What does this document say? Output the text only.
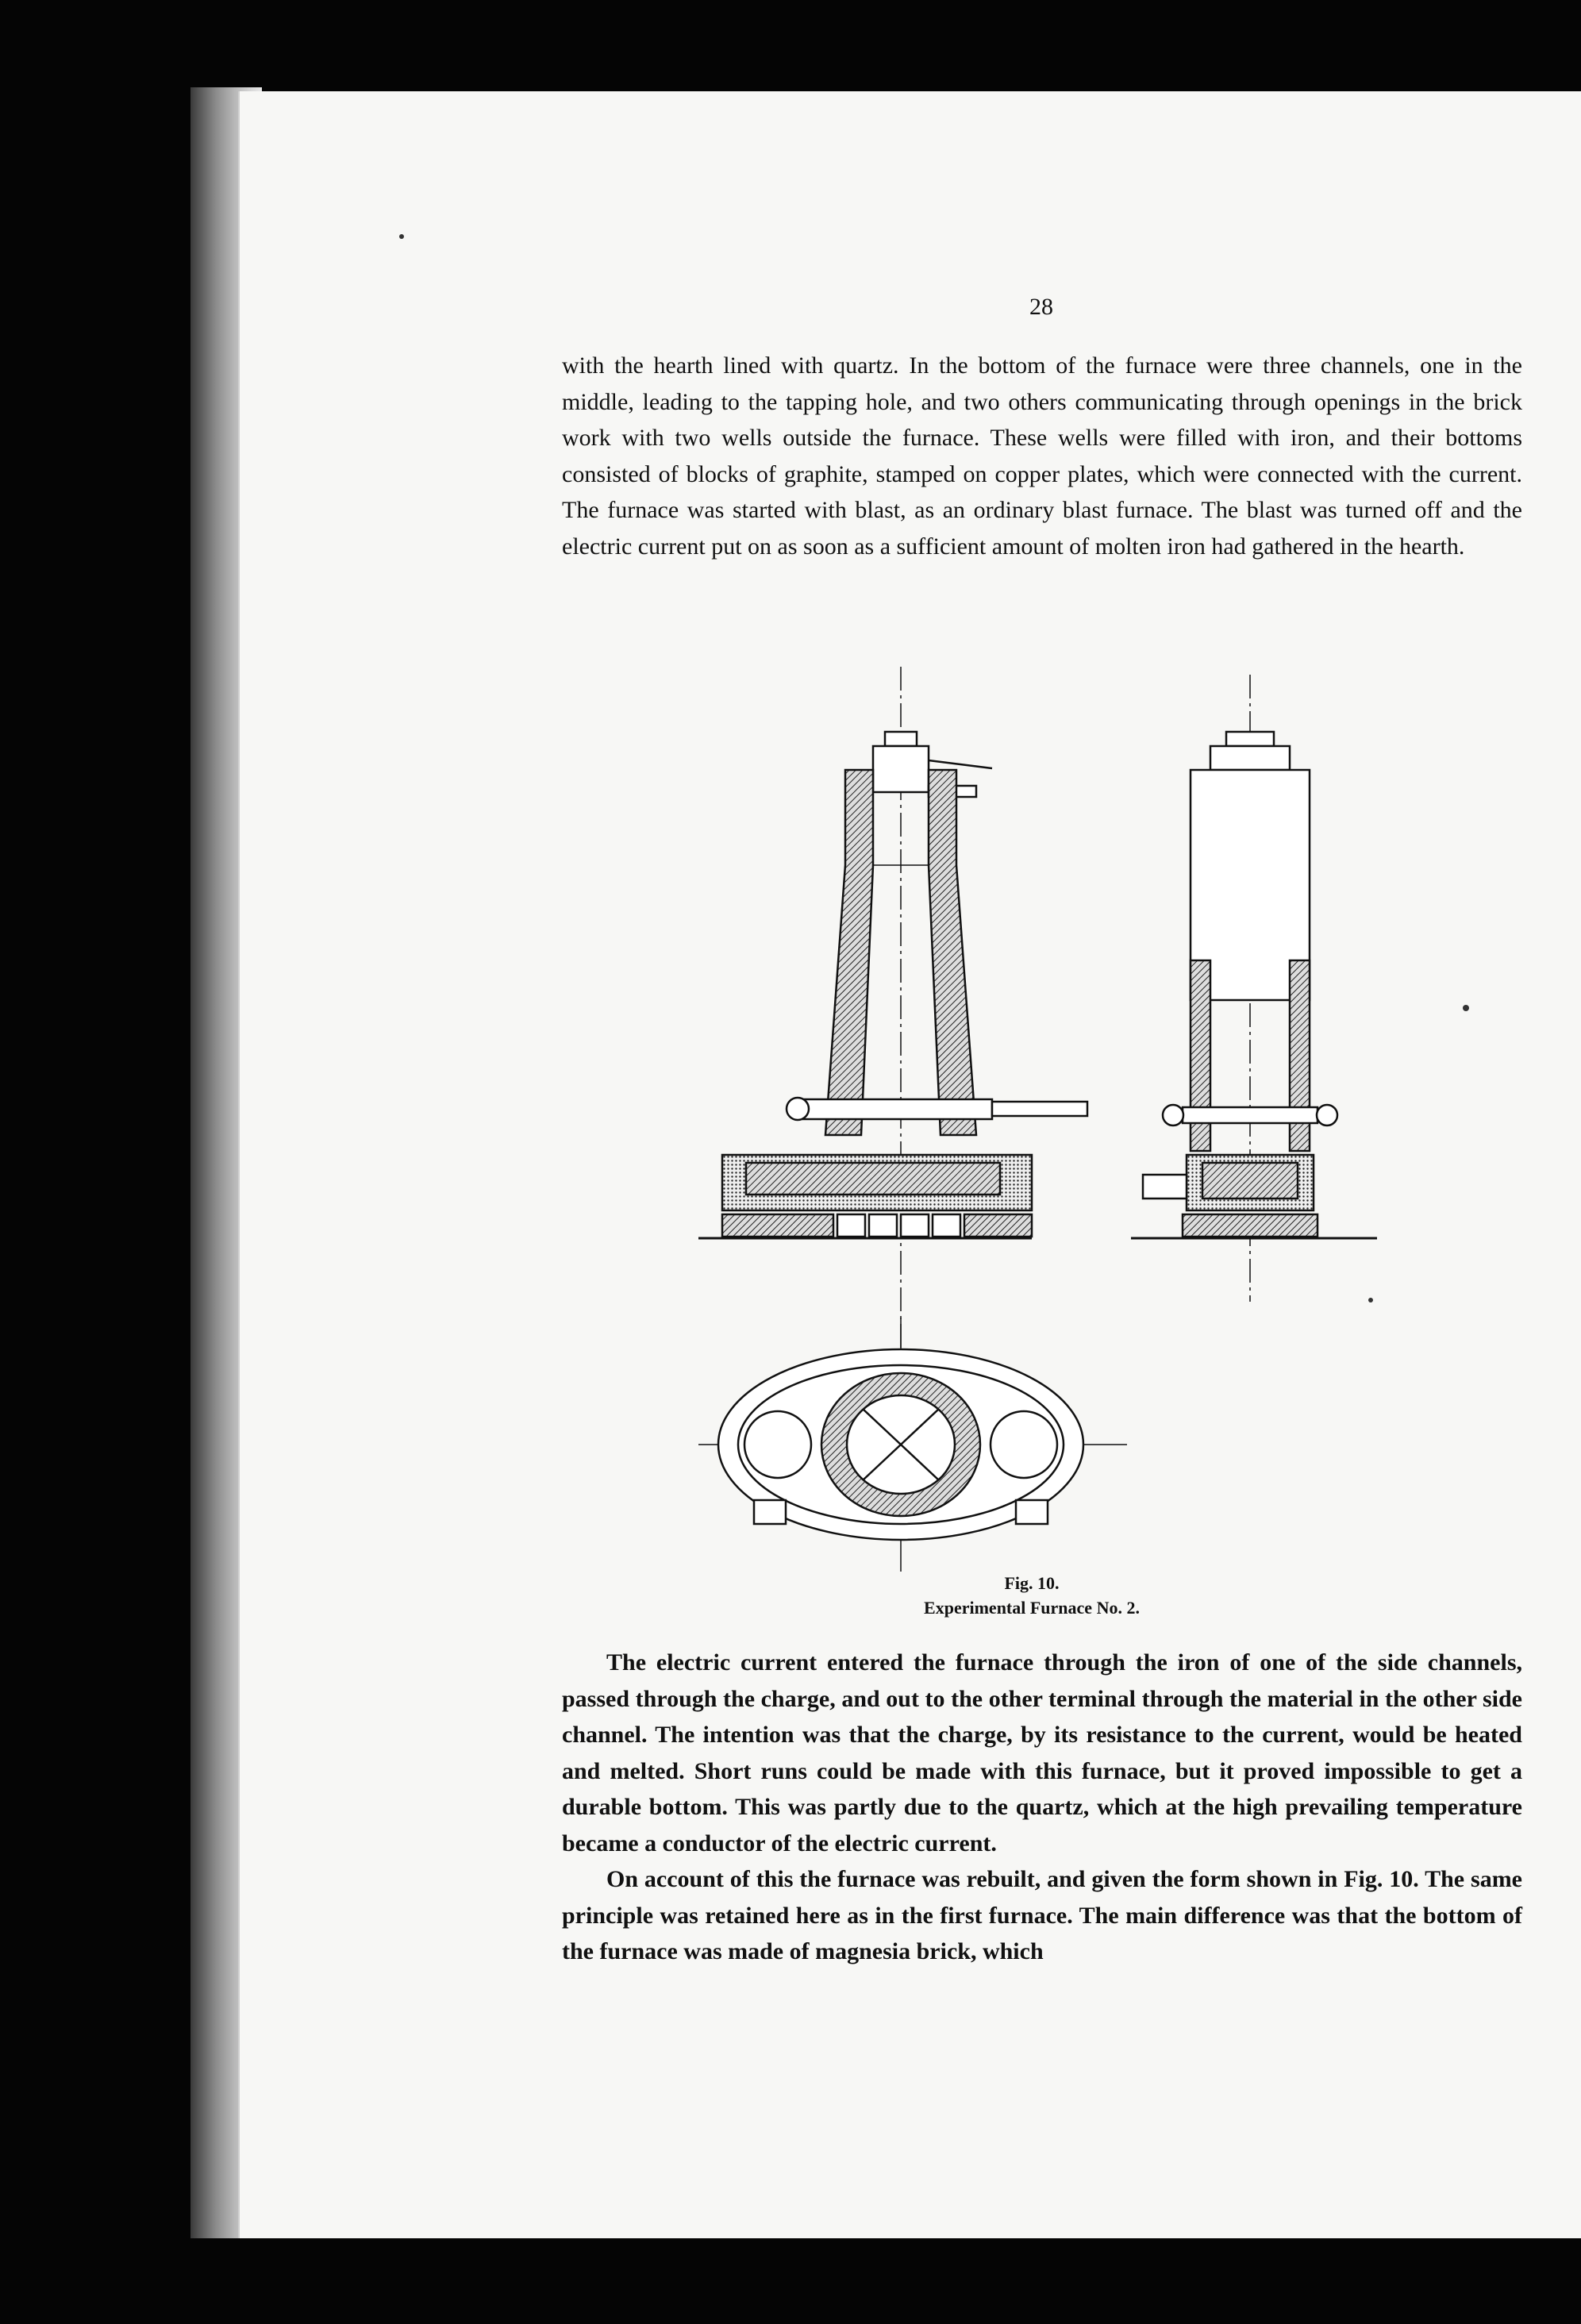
28

with the hearth lined with quartz. In the bottom of the furnace were three channels, one in the middle, leading to the tapping hole, and two others communicating through openings in the brick work with two wells outside the furnace. These wells were filled with iron, and their bottoms consisted of blocks of graphite, stamped on copper plates, which were connected with the current. The furnace was started with blast, as an ordinary blast furnace. The blast was turned off and the electric current put on as soon as a sufficient amount of molten iron had gathered in the hearth.

Fig. 10.

Experimental Furnace No. 2.

The electric current entered the furnace through the iron of one of the side channels, passed through the charge, and out to the other terminal through the material in the other side channel. The intention was that the charge, by its resistance to the current, would be heated and melted. Short runs could be made with this furnace, but it proved impossible to get a durable bottom. This was partly due to the quartz, which at the high prevailing temperature became a conductor of the electric current.

On account of this the furnace was rebuilt, and given the form shown in Fig. 10. The same principle was retained here as in the first furnace. The main difference was that the bottom of the furnace was made of magnesia brick, which
